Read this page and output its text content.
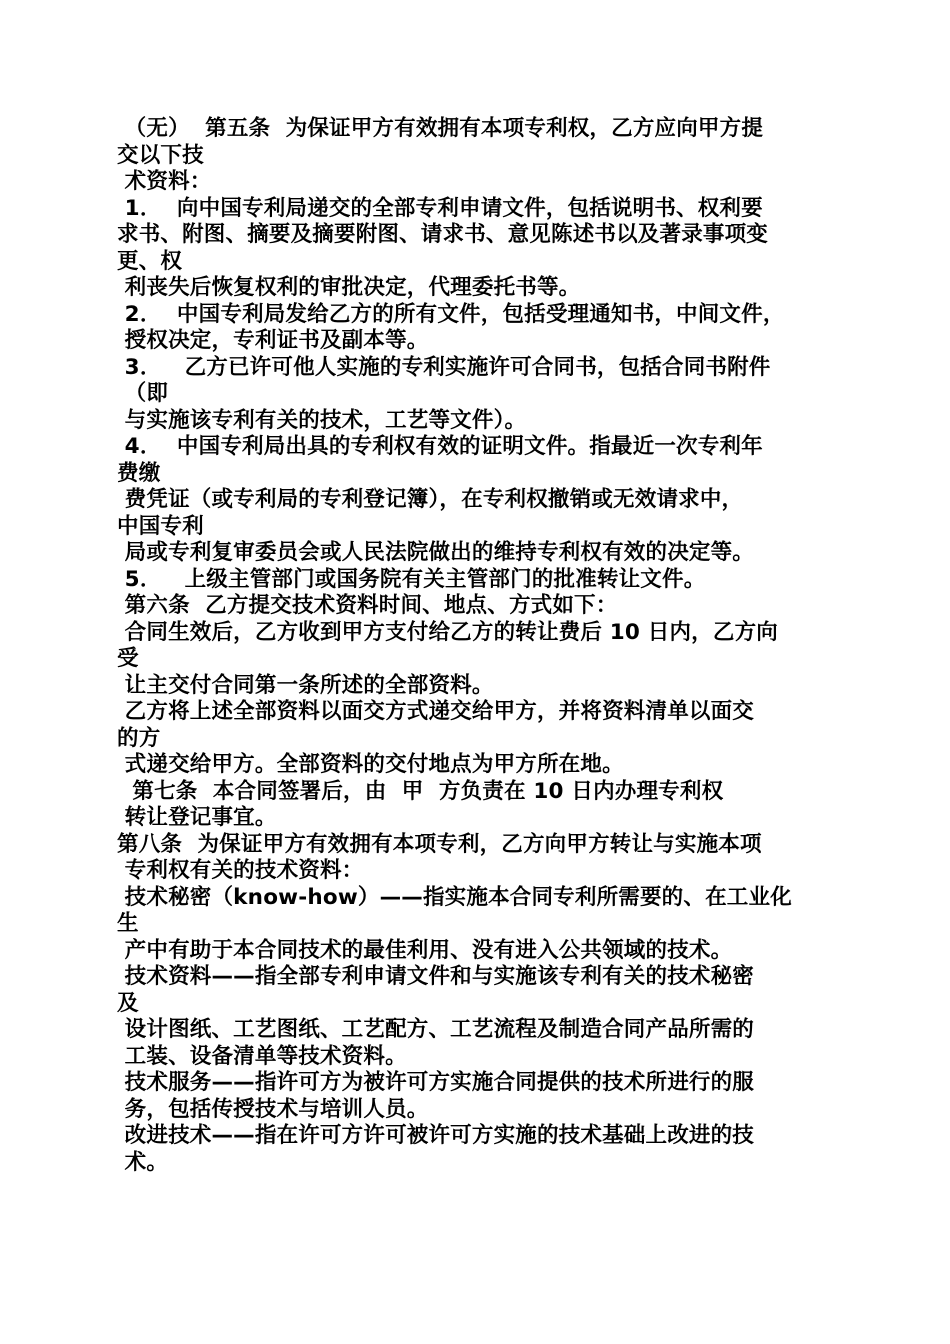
（无）  第五条  为保证甲方有效拥有本项专利权，乙方应向甲方提
交以下技
术资料：
1．  向中国专利局递交的全部专利申请文件，包括说明书、权利要
求书、附图、摘要及摘要附图、请求书、意见陈述书以及著录事项变
更、权
利丧失后恢复权利的审批决定，代理委托书等。
2．  中国专利局发给乙方的所有文件，包括受理通知书，中间文件，
授权决定，专利证书及副本等。
3．   乙方已许可他人实施的专利实施许可合同书，包括合同书附件
（即
与实施该专利有关的技术，工艺等文件）。
4．  中国专利局出具的专利权有效的证明文件。指最近一次专利年
费缴
费凭证（或专利局的专利登记簿），在专利权撤销或无效请求中，
中国专利
局或专利复审委员会或人民法院做出的维持专利权有效的决定等。
5．   上级主管部门或国务院有关主管部门的批准转让文件。
第六条  乙方提交技术资料时间、地点、方式如下：
合同生效后，乙方收到甲方支付给乙方的转让费后 10 日内，乙方向
受
让主交付合同第一条所述的全部资料。
乙方将上述全部资料以面交方式递交给甲方，并将资料清单以面交
的方
式递交给甲方。全部资料的交付地点为甲方所在地。
第七条  本合同签署后，由  甲  方负责在 10 日内办理专利权
转让登记事宜。
第八条  为保证甲方有效拥有本项专利，乙方向甲方转让与实施本项
专利权有关的技术资料：
技术秘密（know-how）——指实施本合同专利所需要的、在工业化
生
产中有助于本合同技术的最佳利用、没有进入公共领域的技术。
技术资料——指全部专利申请文件和与实施该专利有关的技术秘密
及
设计图纸、工艺图纸、工艺配方、工艺流程及制造合同产品所需的
工装、设备清单等技术资料。
技术服务——指许可方为被许可方实施合同提供的技术所进行的服
务，包括传授技术与培训人员。
改进技术——指在许可方许可被许可方实施的技术基础上改进的技
术。
